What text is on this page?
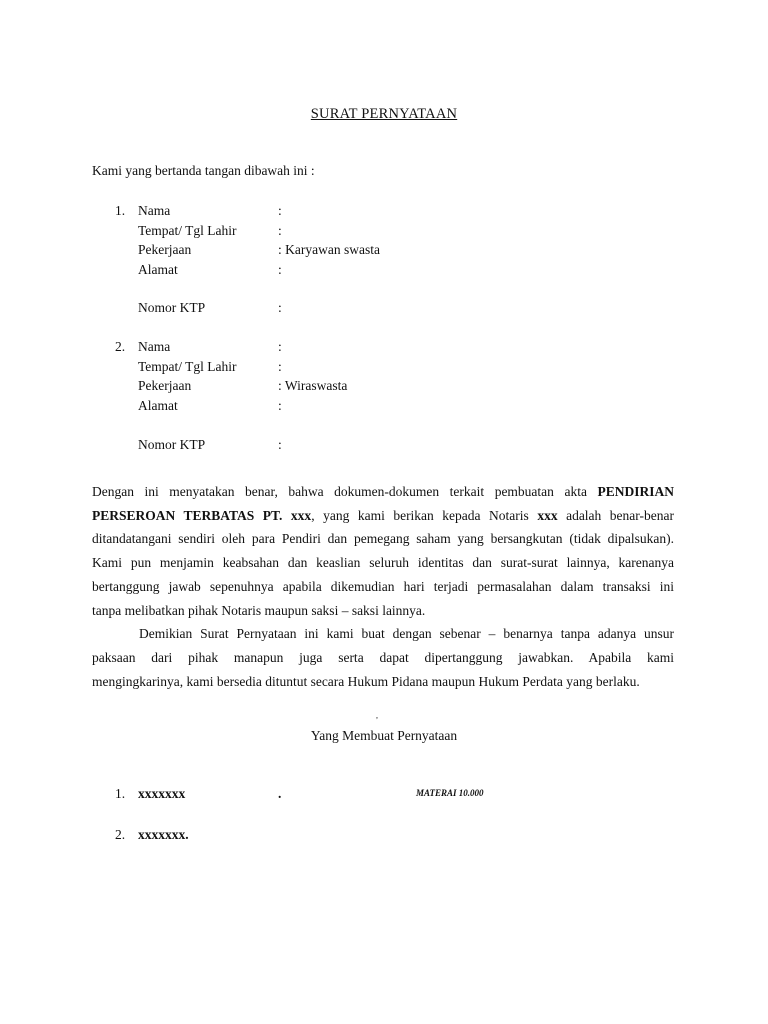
SURAT PERNYATAAN
Kami yang bertanda tangan dibawah ini :
1. Nama	:
Tempat/ Tgl Lahir	:
Pekerjaan	: Karyawan swasta
Alamat	:
Nomor KTP	:
2. Nama	:
Tempat/ Tgl Lahir	:
Pekerjaan	: Wiraswasta
Alamat	:
Nomor KTP	:
Dengan ini menyatakan benar, bahwa dokumen-dokumen terkait pembuatan akta PENDIRIAN
PERSEROAN TERBATAS PT. xxx, yang kami berikan kepada Notaris xxx adalah benar-benar
ditandatangani sendiri oleh para Pendiri dan pemegang saham yang bersangkutan (tidak dipalsukan).
Kami pun menjamin keabsahan dan keaslian seluruh identitas dan surat-surat lainnya, karenanya
bertanggung jawab sepenuhnya apabila dikemudian hari terjadi permasalahan dalam transaksi ini
tanpa melibatkan pihak Notaris maupun saksi – saksi lainnya.
Demikian Surat Pernyataan ini kami buat dengan sebenar – benarnya tanpa adanya unsur
paksaan dari pihak manapun juga serta dapat dipertanggung jawabkan. Apabila kami
mengingkarinya, kami bersedia dituntut secara Hukum Pidana maupun Hukum Perdata yang berlaku.
,
Yang Membuat Pernyataan
1. xxxxxxx	.	MATERAI 10.000
2. xxxxxxx.
